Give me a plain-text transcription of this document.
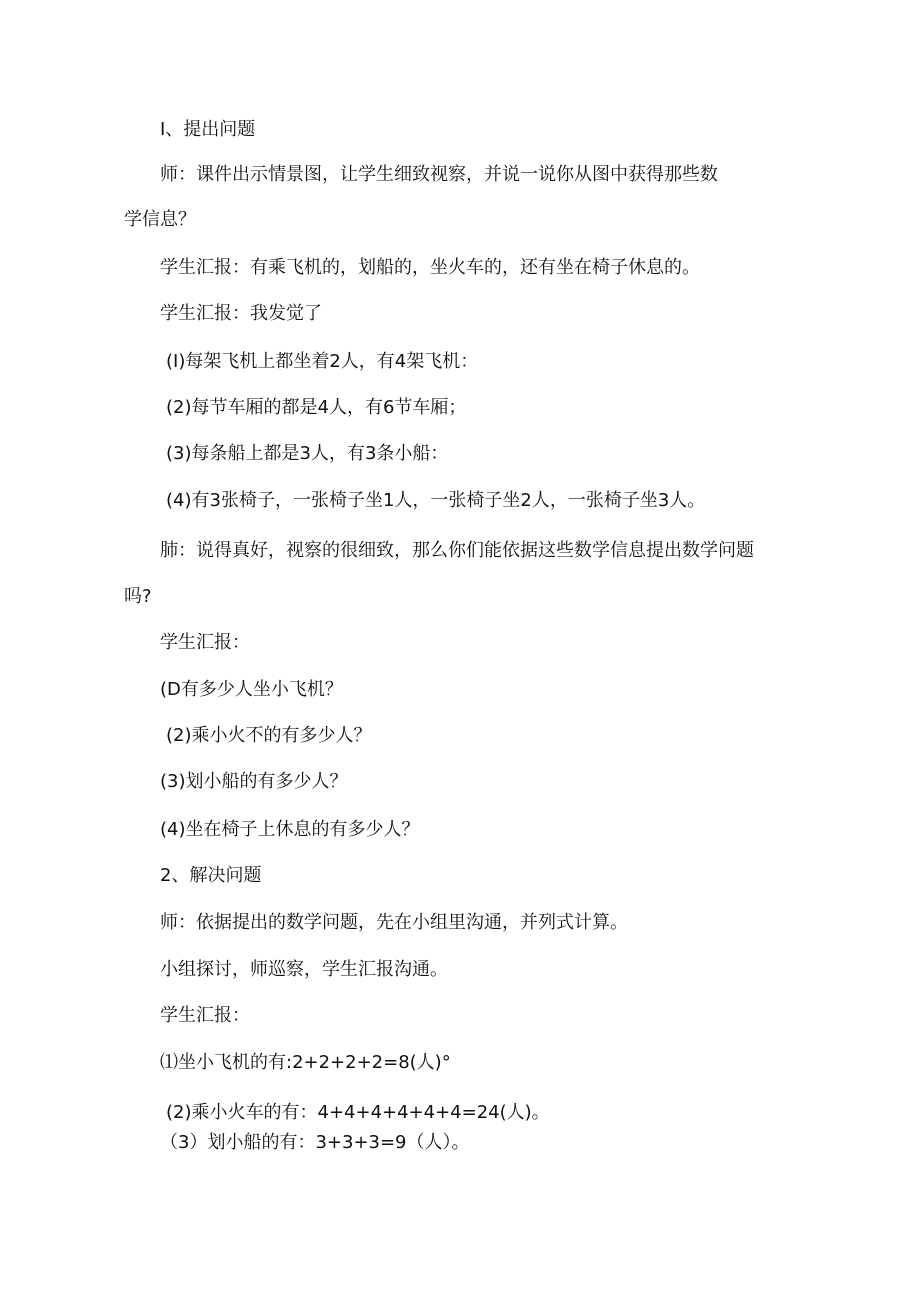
I、提出问题
师：课件出示情景图，让学生细致视察，并说一说你从图中获得那些数
学信息？
学生汇报：有乘飞机的，划船的，坐火车的，还有坐在椅子休息的。
学生汇报：我发觉了
(I)每架飞机上都坐着2人，有4架飞机：
(2)每节车厢的都是4人，有6节车厢；
(3)每条船上都是3人，有3条小船：
(4)有3张椅子，一张椅子坐1人，一张椅子坐2人，一张椅子坐3人。
肺：说得真好，视察的很细致，那么你们能依据这些数学信息提出数学问题
吗?
学生汇报：
(D有多少人坐小飞机？
(2)乘小火不的有多少人？
(3)划小船的有多少人？
(4)坐在椅子上休息的有多少人？
2、解决问题
师：依据提出的数学问题，先在小组里沟通，并列式计算。
小组探讨，师巡察，学生汇报沟通。
学生汇报：
⑴坐小飞机的有:2+2+2+2=8(人)°
(2)乘小火车的有：4+4+4+4+4+4=24(人)。
（3）划小船的有：3+3+3=9（人）。
